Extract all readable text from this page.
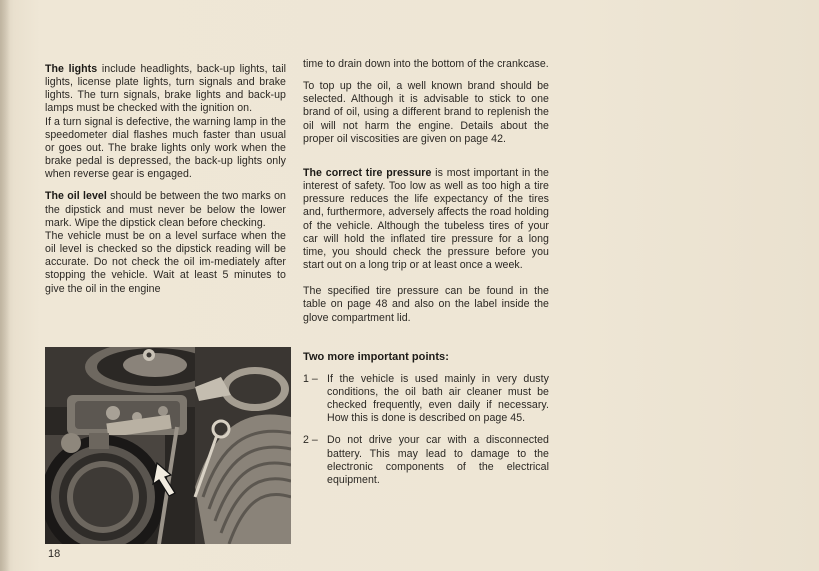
The lights include headlights, back-up lights, tail lights, license plate lights, turn signals and brake lights. The turn signals, brake lights and back-up lamps must be checked with the ignition on.

If a turn signal is defective, the warning lamp in the speedometer dial flashes much faster than usual or goes out. The brake lights only work when the brake pedal is depressed, the back-up lights only when reverse gear is engaged.

The oil level should be between the two marks on the dipstick and must never be below the lower mark. Wipe the dipstick clean before checking.

The vehicle must be on a level surface when the oil level is checked so the dipstick reading will be accurate. Do not check the oil im-mediately after stopping the vehicle. Wait at least 5 minutes to give the oil in the engine

time to drain down into the bottom of the crankcase.

To top up the oil, a well known brand should be selected. Although it is advisable to stick to one brand of oil, using a different brand to replenish the oil will not harm the engine. Details about the proper oil viscosities are given on page 42.

The correct tire pressure is most important in the interest of safety. Too low as well as too high a tire pressure reduces the life expectancy of the tires and, furthermore, adversely affects the road holding of the vehicle. Although the tubeless tires of your car will hold the inflated tire pressure for a long time, you should check the pressure before you start out on a long trip or at least once a week.

The specified tire pressure can be found in the table on page 48 and also on the label inside the glove compartment lid.

Two more important points:

1 – If the vehicle is used mainly in very dusty conditions, the oil bath air cleaner must be checked frequently, even daily if necessary. How this is done is described on page 45.
2 – Do not drive your car with a disconnected battery. This may lead to damage to the electronic components of the electrical equipment.
18
